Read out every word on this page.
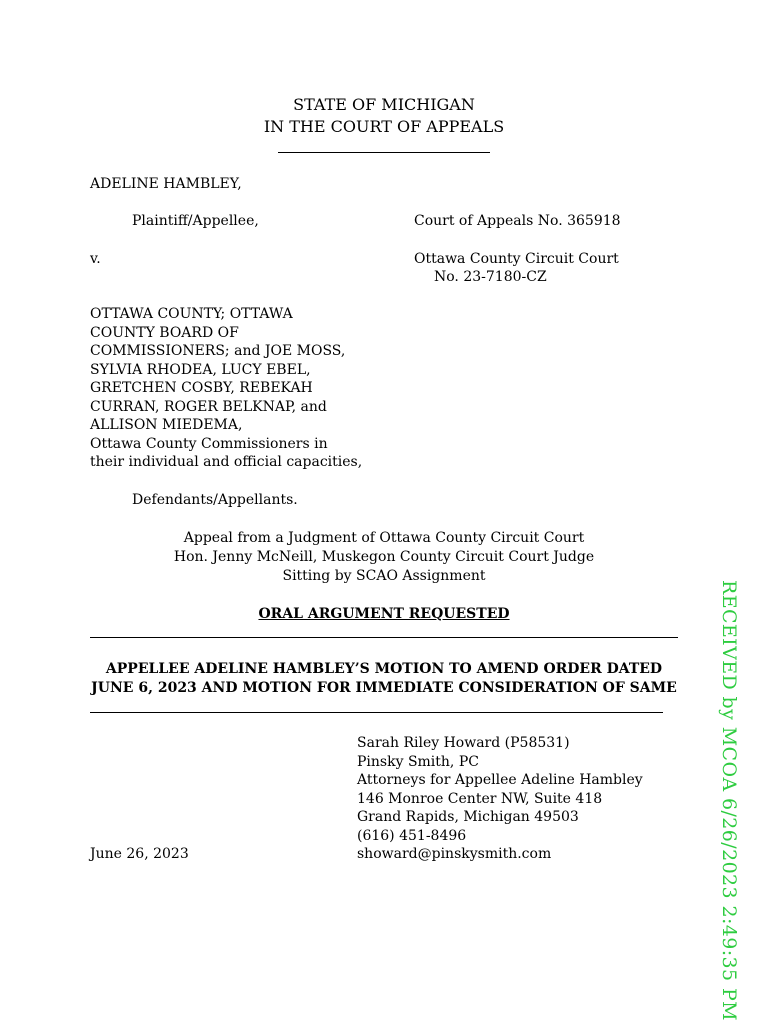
STATE OF MICHIGAN
IN THE COURT OF APPEALS
ADELINE HAMBLEY,
Plaintiff/Appellee,	Court of Appeals No. 365918
v.	Ottawa County Circuit Court
No. 23-7180-CZ
OTTAWA COUNTY; OTTAWA
COUNTY BOARD OF
COMMISSIONERS; and JOE MOSS,
SYLVIA RHODEA, LUCY EBEL,
GRETCHEN COSBY, REBEKAH
CURRAN, ROGER BELKNAP, and
ALLISON MIEDEMA,
Ottawa County Commissioners in
their individual and official capacities,
Defendants/Appellants.
Appeal from a Judgment of Ottawa County Circuit Court
Hon. Jenny McNeill, Muskegon County Circuit Court Judge
Sitting by SCAO Assignment
ORAL ARGUMENT REQUESTED
APPELLEE ADELINE HAMBLEY’S MOTION TO AMEND ORDER DATED
JUNE 6, 2023 AND MOTION FOR IMMEDIATE CONSIDERATION OF SAME
Sarah Riley Howard (P58531)
Pinsky Smith, PC
Attorneys for Appellee Adeline Hambley
146 Monroe Center NW, Suite 418
Grand Rapids, Michigan 49503
(616) 451-8496
showard@pinskysmith.com
June 26, 2023	RECEIVED by MCOA 6/26/2023 2:49:35 PM
